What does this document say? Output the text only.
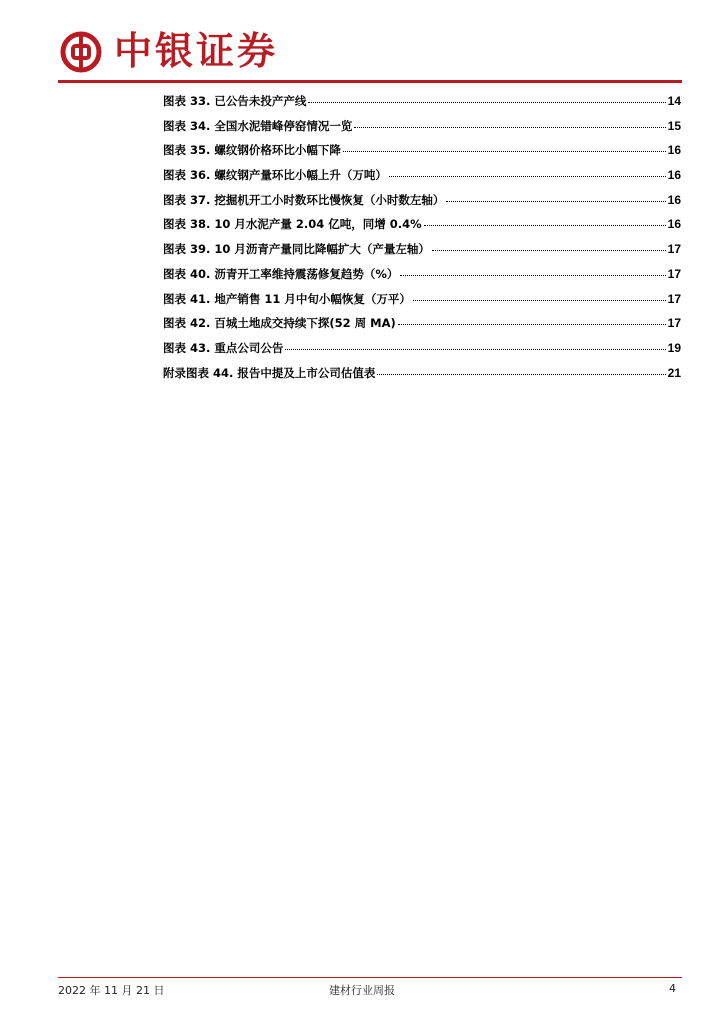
中银证券
图表 33. 已公告未投产产线	14
图表 34. 全国水泥错峰停窑情况一览	15
图表 35. 螺纹钢价格环比小幅下降	16
图表 36. 螺纹钢产量环比小幅上升（万吨）	16
图表 37. 挖掘机开工小时数环比慢恢复（小时数左轴）	16
图表 38. 10 月水泥产量 2.04 亿吨，同增 0.4%	16
图表 39. 10 月沥青产量同比降幅扩大（产量左轴）	17
图表 40. 沥青开工率维持震荡修复趋势（%）	17
图表 41. 地产销售 11 月中旬小幅恢复（万平）	17
图表 42. 百城土地成交持续下探(52 周 MA)	17
图表 43. 重点公司公告	19
附录图表 44. 报告中提及上市公司估值表	21
2022 年 11 月 21 日	建材行业周报	4
